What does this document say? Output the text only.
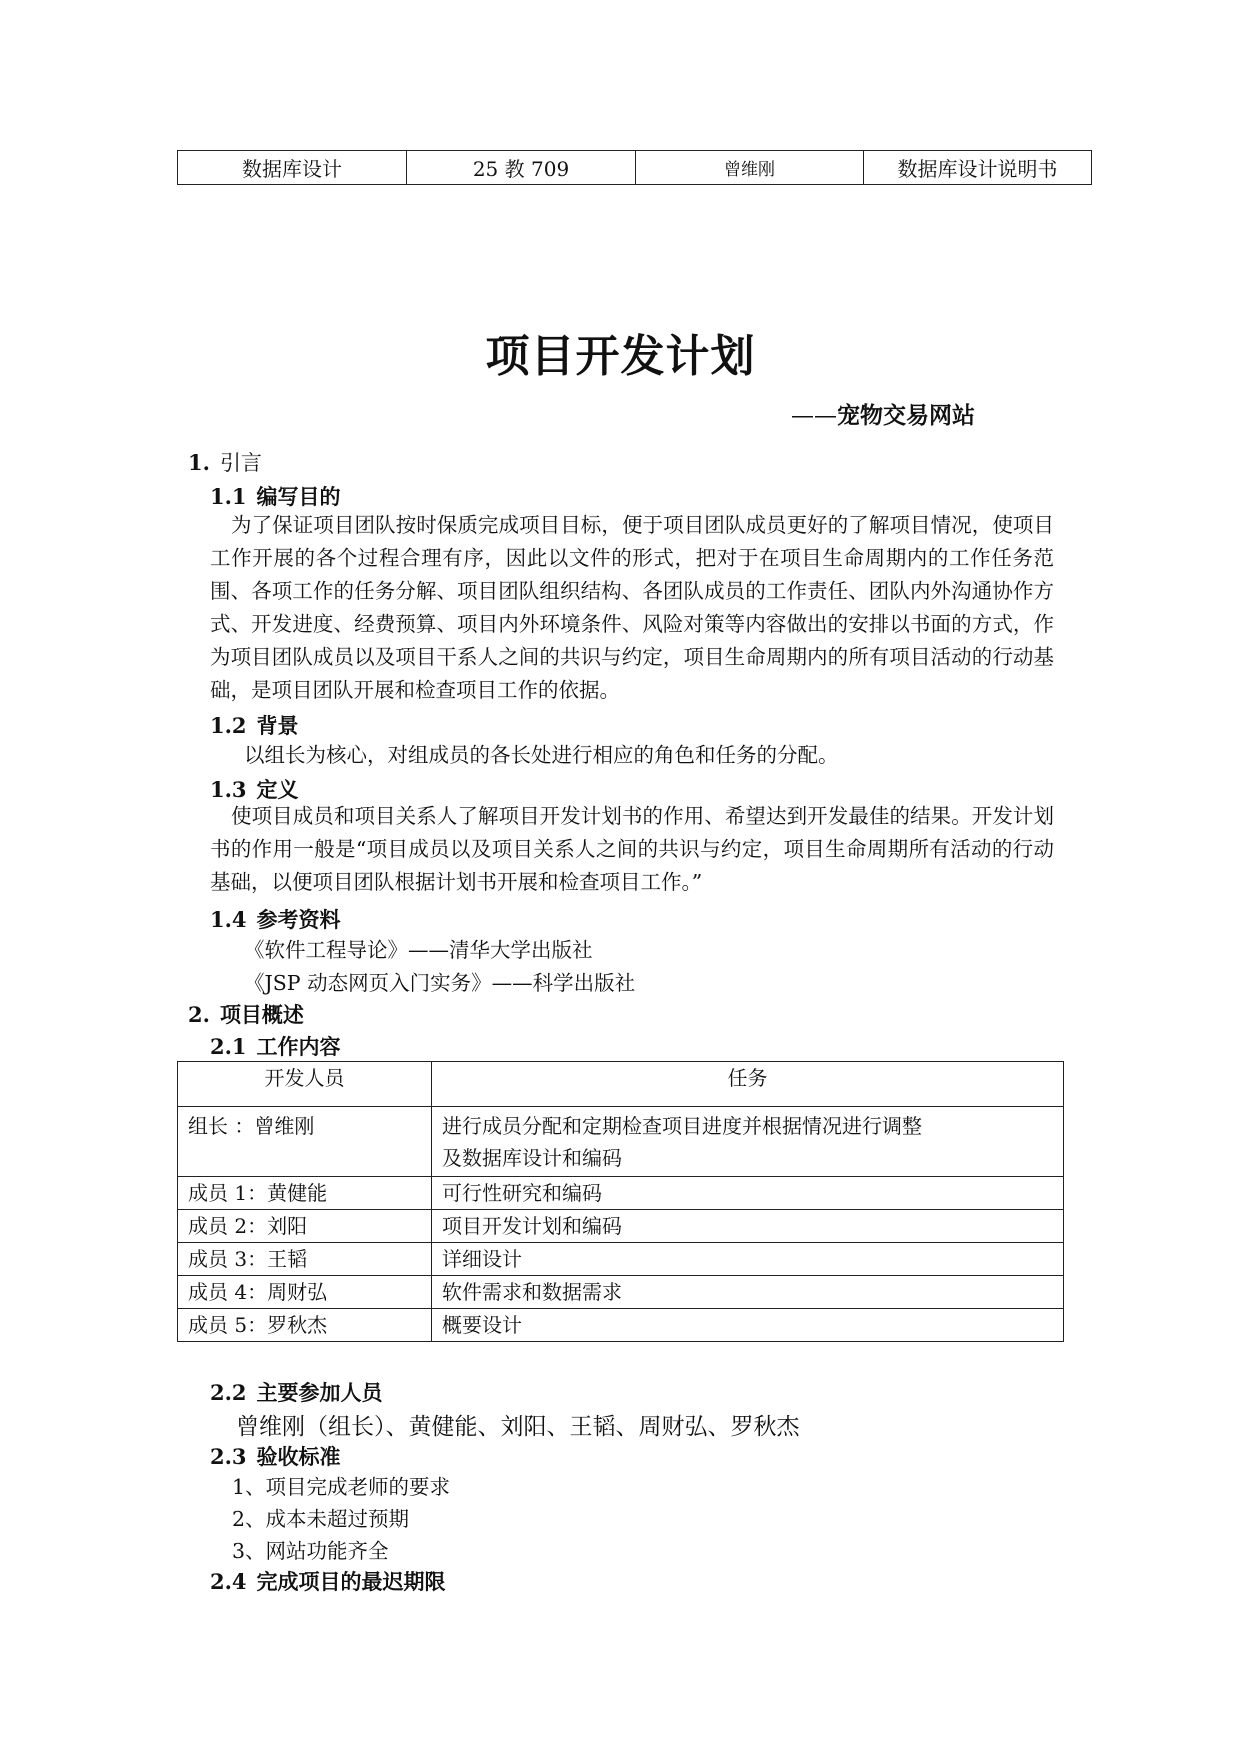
数据库设计	25 教 709	曾维刚	数据库设计说明书
项目开发计划
——宠物交易网站
1. 引言
1.1 编写目的
为了保证项目团队按时保质完成项目目标，便于项目团队成员更好的了解项目情况，使项目工作开展的各个过程合理有序，因此以文件的形式，把对于在项目生命周期内的工作任务范围、各项工作的任务分解、项目团队组织结构、各团队成员的工作责任、团队内外沟通协作方式、开发进度、经费预算、项目内外环境条件、风险对策等内容做出的安排以书面的方式，作为项目团队成员以及项目干系人之间的共识与约定，项目生命周期内的所有项目活动的行动基础，是项目团队开展和检查项目工作的依据。
1.2 背景
以组长为核心，对组成员的各长处进行相应的角色和任务的分配。
1.3 定义
使项目成员和项目关系人了解项目开发计划书的作用、希望达到开发最佳的结果。开发计划书的作用一般是“项目成员以及项目关系人之间的共识与约定，项目生命周期所有活动的行动基础，以便项目团队根据计划书开展和检查项目工作。”
1.4 参考资料
《软件工程导论》——清华大学出版社
《JSP 动态网页入门实务》——科学出版社
2. 项目概述
2.1 工作内容
开发人员	任务
组长 ：曾维刚	进行成员分配和定期检查项目进度并根据情况进行调整
及数据库设计和编码

成员 1：黄健能	可行性研究和编码
成员 2：刘阳	项目开发计划和编码
成员 3：王韬	详细设计
成员 4：周财弘	软件需求和数据需求
成员 5：罗秋杰	概要设计
2.2 主要参加人员
曾维刚（组长）、黄健能、刘阳、王韬、周财弘、罗秋杰
2.3 验收标准
1、项目完成老师的要求
2、成本未超过预期
3、网站功能齐全
2.4 完成项目的最迟期限
